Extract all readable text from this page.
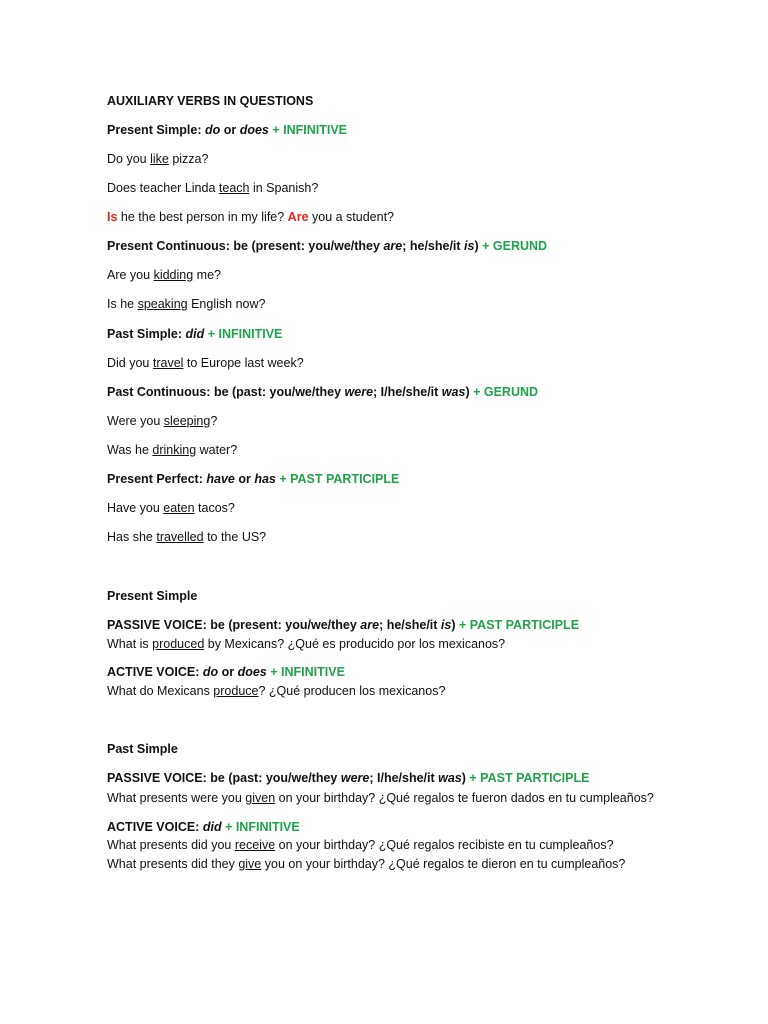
AUXILIARY VERBS IN QUESTIONS
Present Simple: do or does + INFINITIVE
Do you like pizza?
Does teacher Linda teach in Spanish?
Is he the best person in my life? Are you a student?
Present Continuous: be (present: you/we/they are; he/she/it is) + GERUND
Are you kidding me?
Is he speaking English now?
Past Simple: did + INFINITIVE
Did you travel to Europe last week?
Past Continuous: be (past: you/we/they were; I/he/she/it was) + GERUND
Were you sleeping?
Was he drinking water?
Present Perfect: have or has + PAST PARTICIPLE
Have you eaten tacos?
Has she travelled to the US?
Present Simple
PASSIVE VOICE: be (present: you/we/they are; he/she/it is) + PAST PARTICIPLE
What is produced by Mexicans? ¿Qué es producido por los mexicanos?
ACTIVE VOICE: do or does + INFINITIVE
What do Mexicans produce? ¿Qué producen los mexicanos?
Past Simple
PASSIVE VOICE: be (past: you/we/they were; I/he/she/it was) + PAST PARTICIPLE
What presents were you given on your birthday? ¿Qué regalos te fueron dados en tu cumpleaños?
ACTIVE VOICE: did + INFINITIVE
What presents did you receive on your birthday? ¿Qué regalos recibiste en tu cumpleaños?
What presents did they give you on your birthday? ¿Qué regalos te dieron en tu cumpleaños?
